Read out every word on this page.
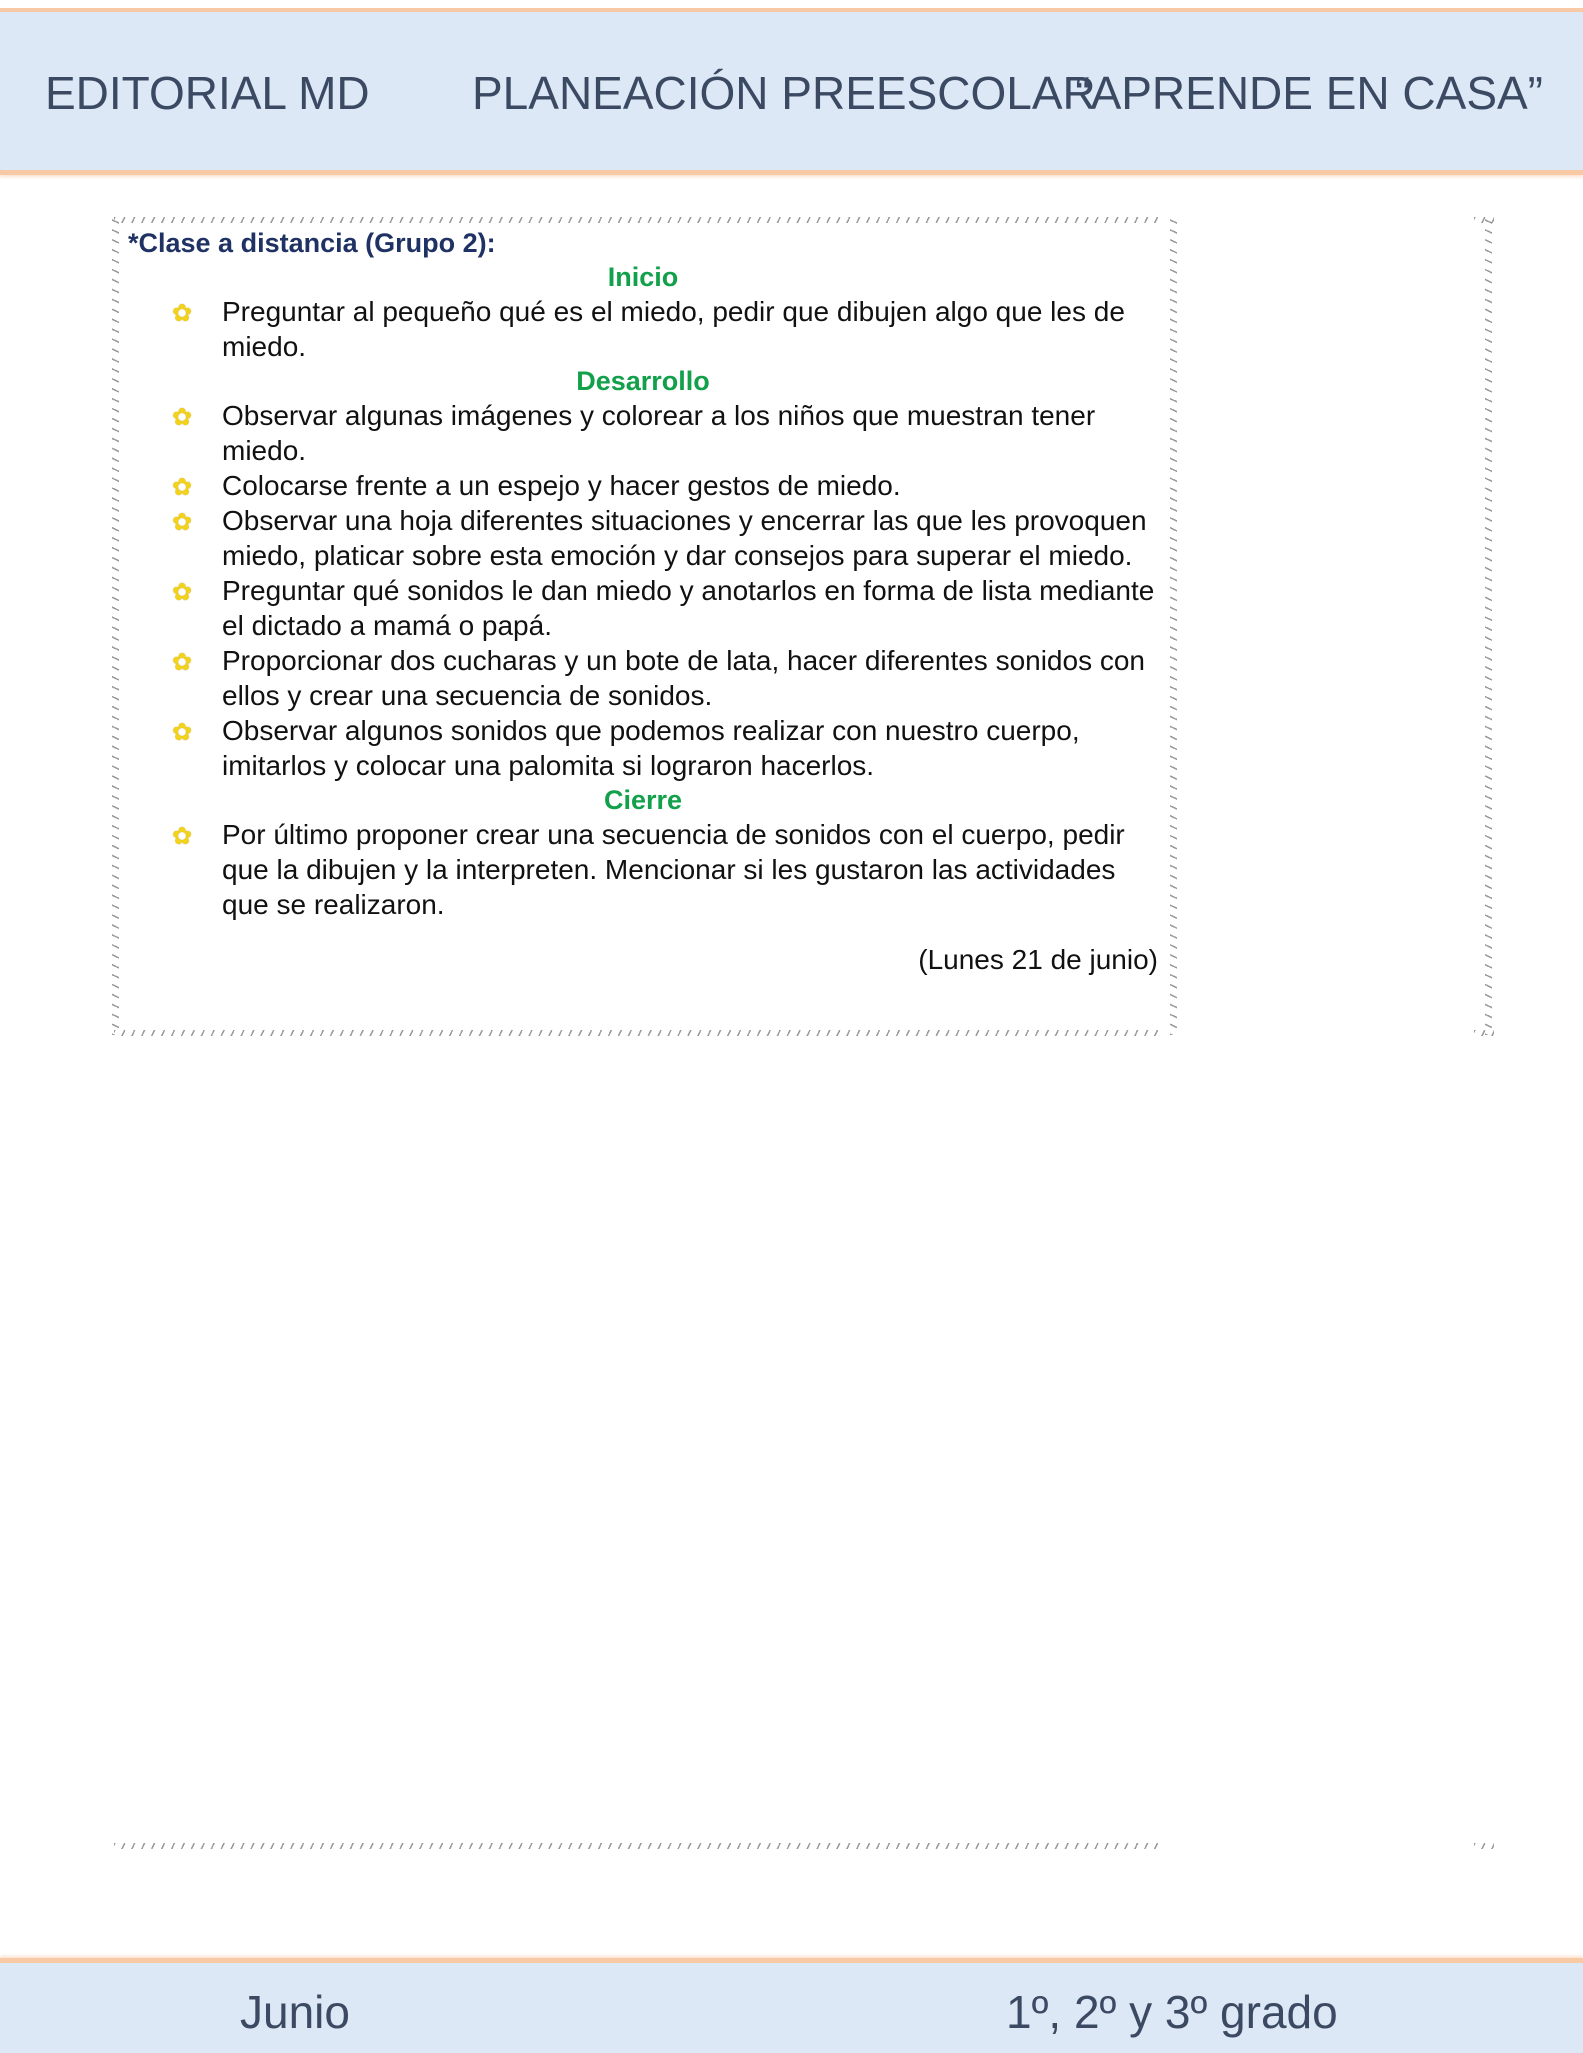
EDITORIAL MD PLANEACIÓN PREESCOLAR
“APRENDE EN CASA”
*Clase a distancia (Grupo 2):
Inicio
✿ Preguntar al pequeño qué es el miedo, pedir que dibujen algo que les de miedo.
Desarrollo
✿ Observar algunas imágenes y colorear a los niños que muestran tener miedo.
✿ Colocarse frente a un espejo y hacer gestos de miedo.
✿ Observar una hoja diferentes situaciones y encerrar las que les provoquen miedo, platicar sobre esta emoción y dar consejos para superar el miedo.
✿ Preguntar qué sonidos le dan miedo y anotarlos en forma de lista mediante el dictado a mamá o papá.
✿ Proporcionar dos cucharas y un bote de lata, hacer diferentes sonidos con ellos y crear una secuencia de sonidos.
✿ Observar algunos sonidos que podemos realizar con nuestro cuerpo, imitarlos y colocar una palomita si lograron hacerlos.
Cierre
✿ Por último proponer crear una secuencia de sonidos con el cuerpo, pedir que la dibujen y la interpreten. Mencionar si les gustaron las actividades que se realizaron.
(Lunes 21 de junio)
Junio	1º, 2º y 3º grado
